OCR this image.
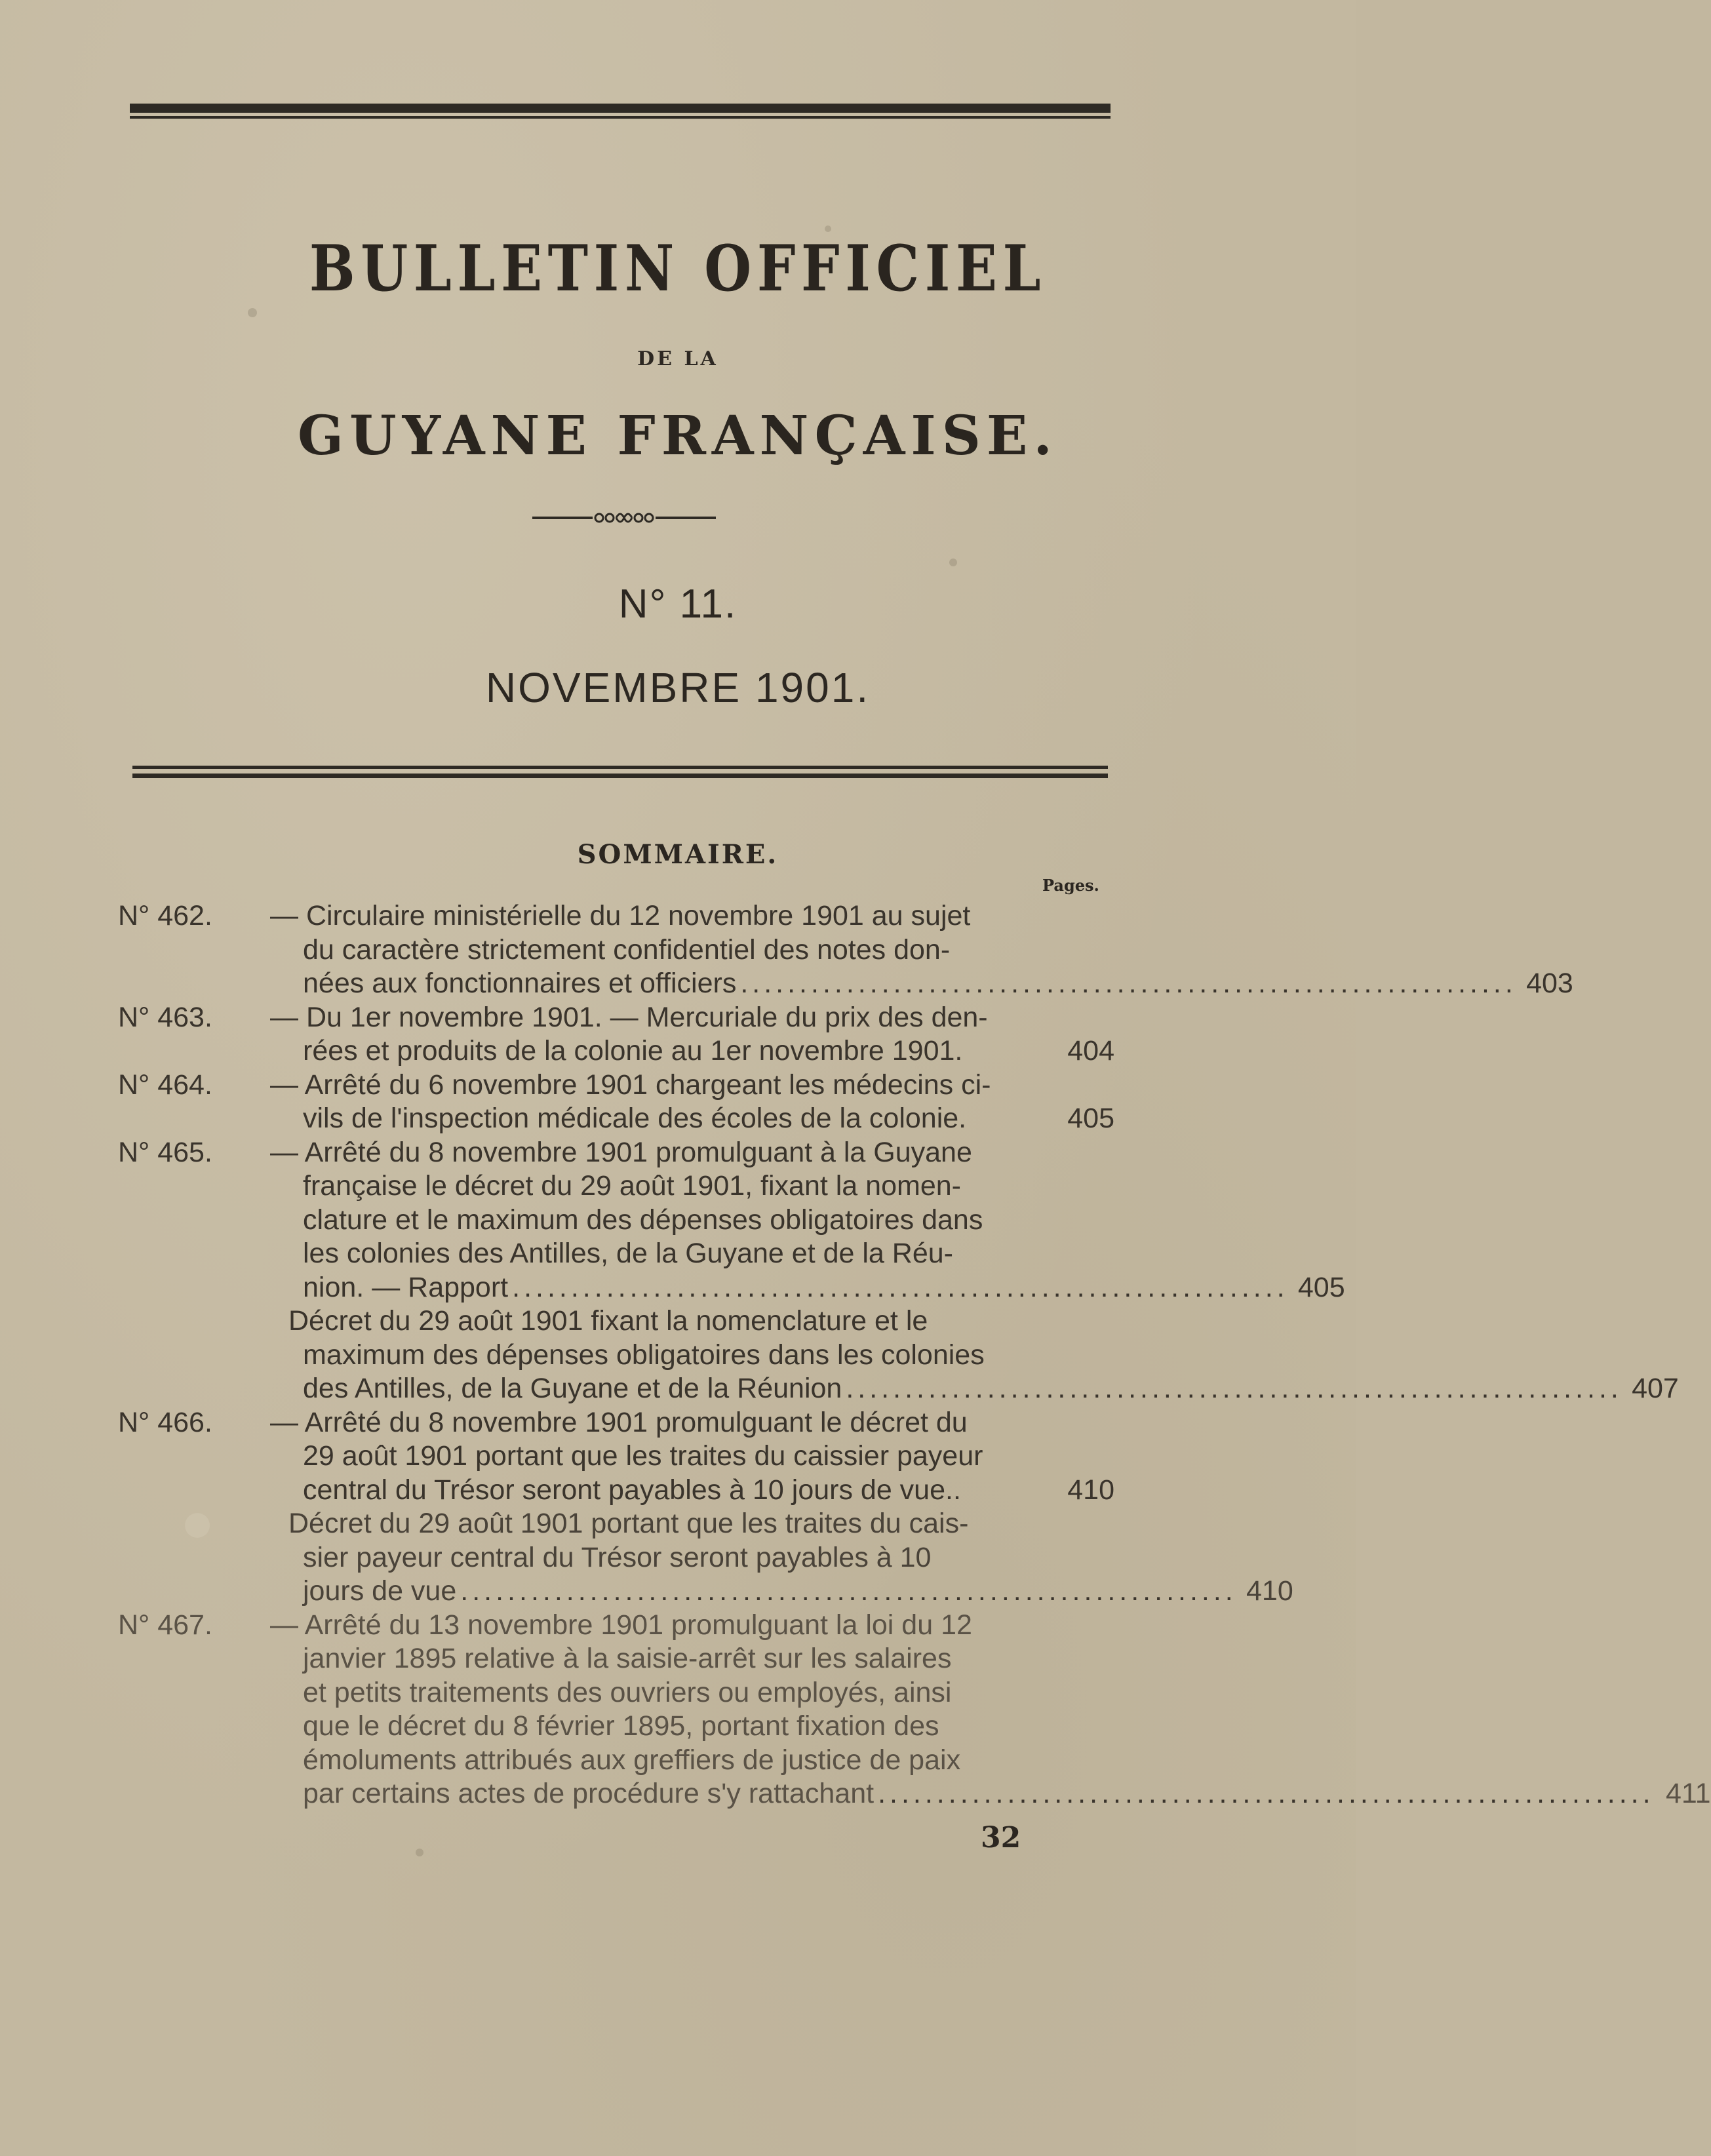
BULLETIN OFFICIEL
DE LA
GUYANE FRANÇAISE.
N° 11.
NOVEMBRE 1901.
SOMMAIRE.
Pages.
N° 462. — Circulaire ministérielle du 12 novembre 1901 au sujet
du caractère strictement confidentiel des notes don-
nées aux fonctionnaires et officiers .................................................................. 403
N° 463. — Du 1er novembre 1901. — Mercuriale du prix des den-
rées et produits de la colonie au 1er novembre 1901.	404
N° 464. — Arrêté du 6 novembre 1901 chargeant les médecins ci-
vils de l'inspection médicale des écoles de la colonie.	405
N° 465. — Arrêté du 8 novembre 1901 promulguant à la Guyane
française le décret du 29 août 1901, fixant la nomen-
clature et le maximum des dépenses obligatoires dans
les colonies des Antilles, de la Guyane et de la Réu-
nion. — Rapport .................................................................. 405
Décret du 29 août 1901 fixant la nomenclature et le
maximum des dépenses obligatoires dans les colonies
des Antilles, de la Guyane et de la Réunion .................................................................. 407
N° 466. — Arrêté du 8 novembre 1901 promulguant le décret du
29 août 1901 portant que les traites du caissier payeur
central du Trésor seront payables à 10 jours de vue..	410
Décret du 29 août 1901 portant que les traites du cais-
sier payeur central du Trésor seront payables à 10
jours de vue .................................................................. 410
N° 467. — Arrêté du 13 novembre 1901 promulguant la loi du 12
janvier 1895 relative à la saisie-arrêt sur les salaires
et petits traitements des ouvriers ou employés, ainsi
que le décret du 8 février 1895, portant fixation des
émoluments attribués aux greffiers de justice de paix
par certains actes de procédure s'y rattachant .................................................................. 411
32
